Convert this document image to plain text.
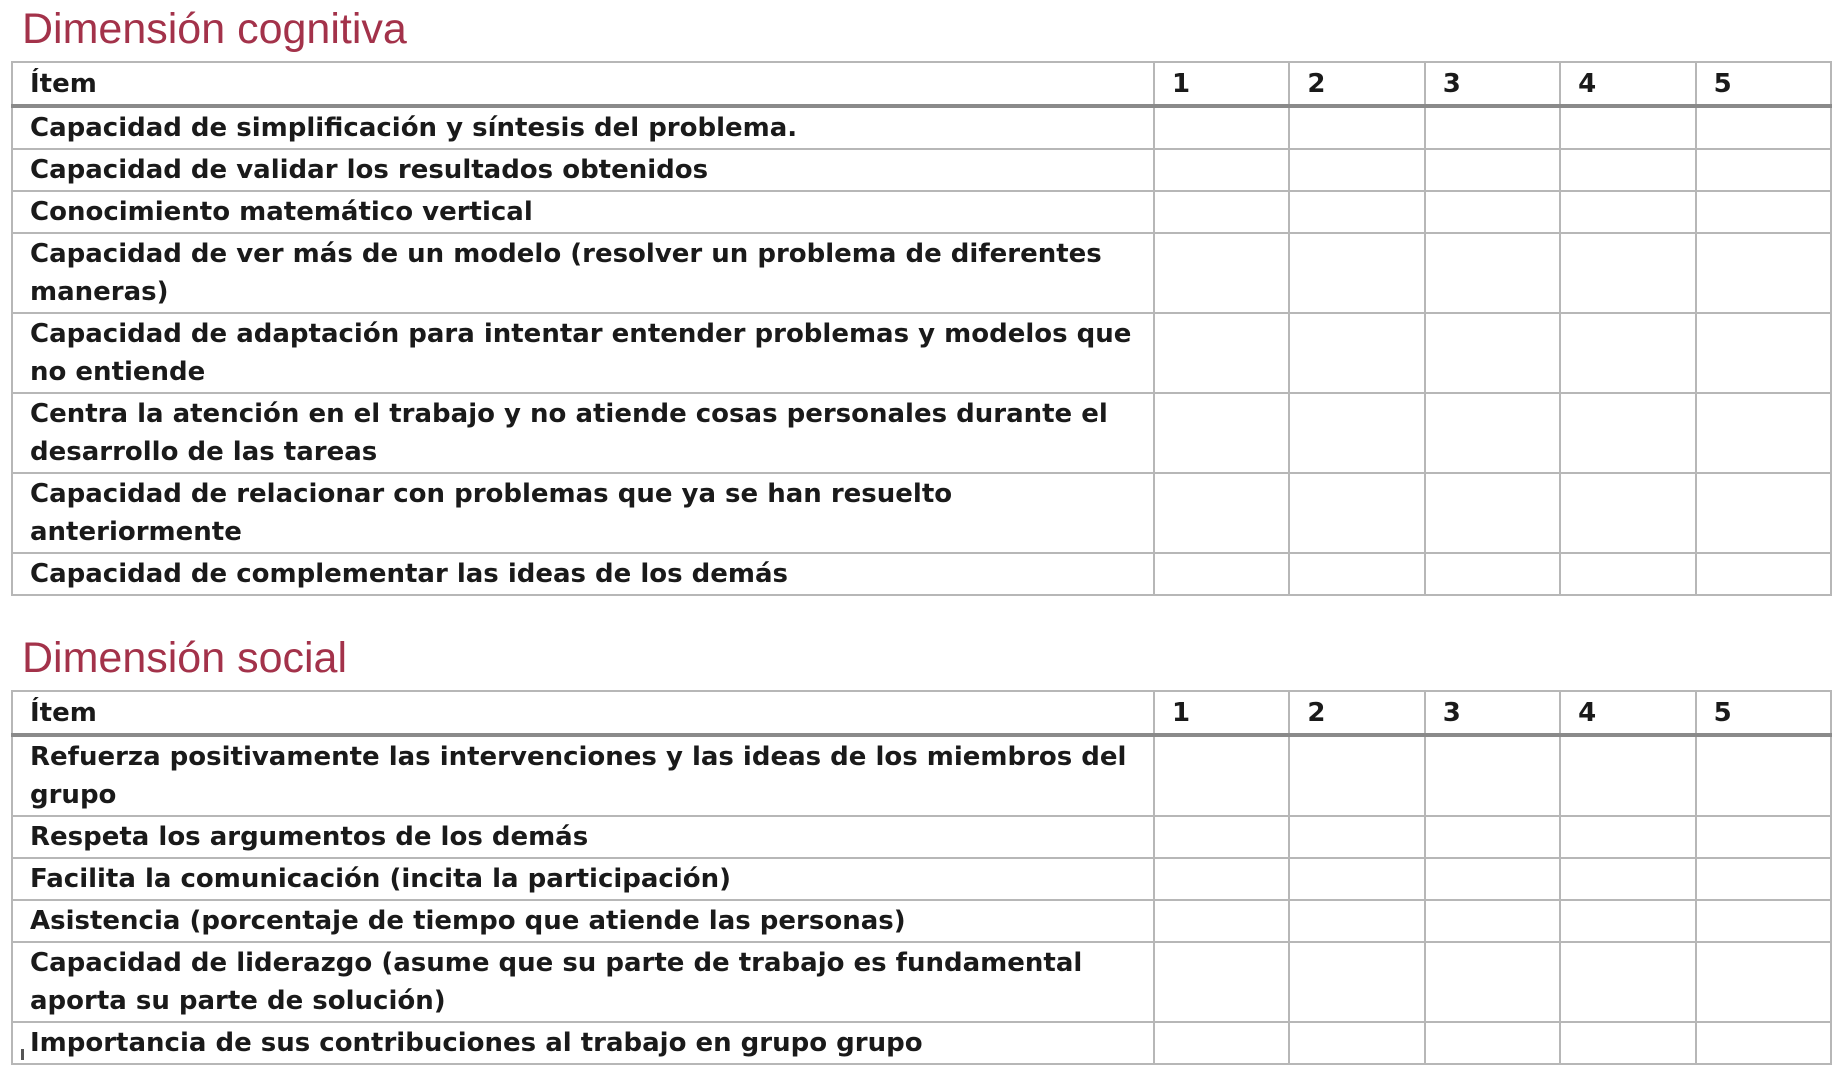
Dimensión cognitiva
Ítem	1	2	3	4	5
Capacidad de simplificación y síntesis del problema.					
Capacidad de validar los resultados obtenidos					
Conocimiento matemático vertical					
Capacidad de ver más de un modelo (resolver un problema de diferentes maneras)					
Capacidad de adaptación para intentar entender problemas y modelos que no entiende					
Centra la atención en el trabajo y no atiende cosas personales durante el desarrollo de las tareas					
Capacidad de relacionar con problemas que ya se han resuelto anteriormente					
Capacidad de complementar las ideas de los demás					
Dimensión social
Ítem	1	2	3	4	5
Refuerza positivamente las intervenciones y las ideas de los miembros del grupo					
Respeta los argumentos de los demás					
Facilita la comunicación (incita la participación)					
Asistencia (porcentaje de tiempo que atiende las personas)					
Capacidad de liderazgo (asume que su parte de trabajo es fundamental aporta su parte de solución)					
Importancia de sus contribuciones al trabajo en grupo grupo					
